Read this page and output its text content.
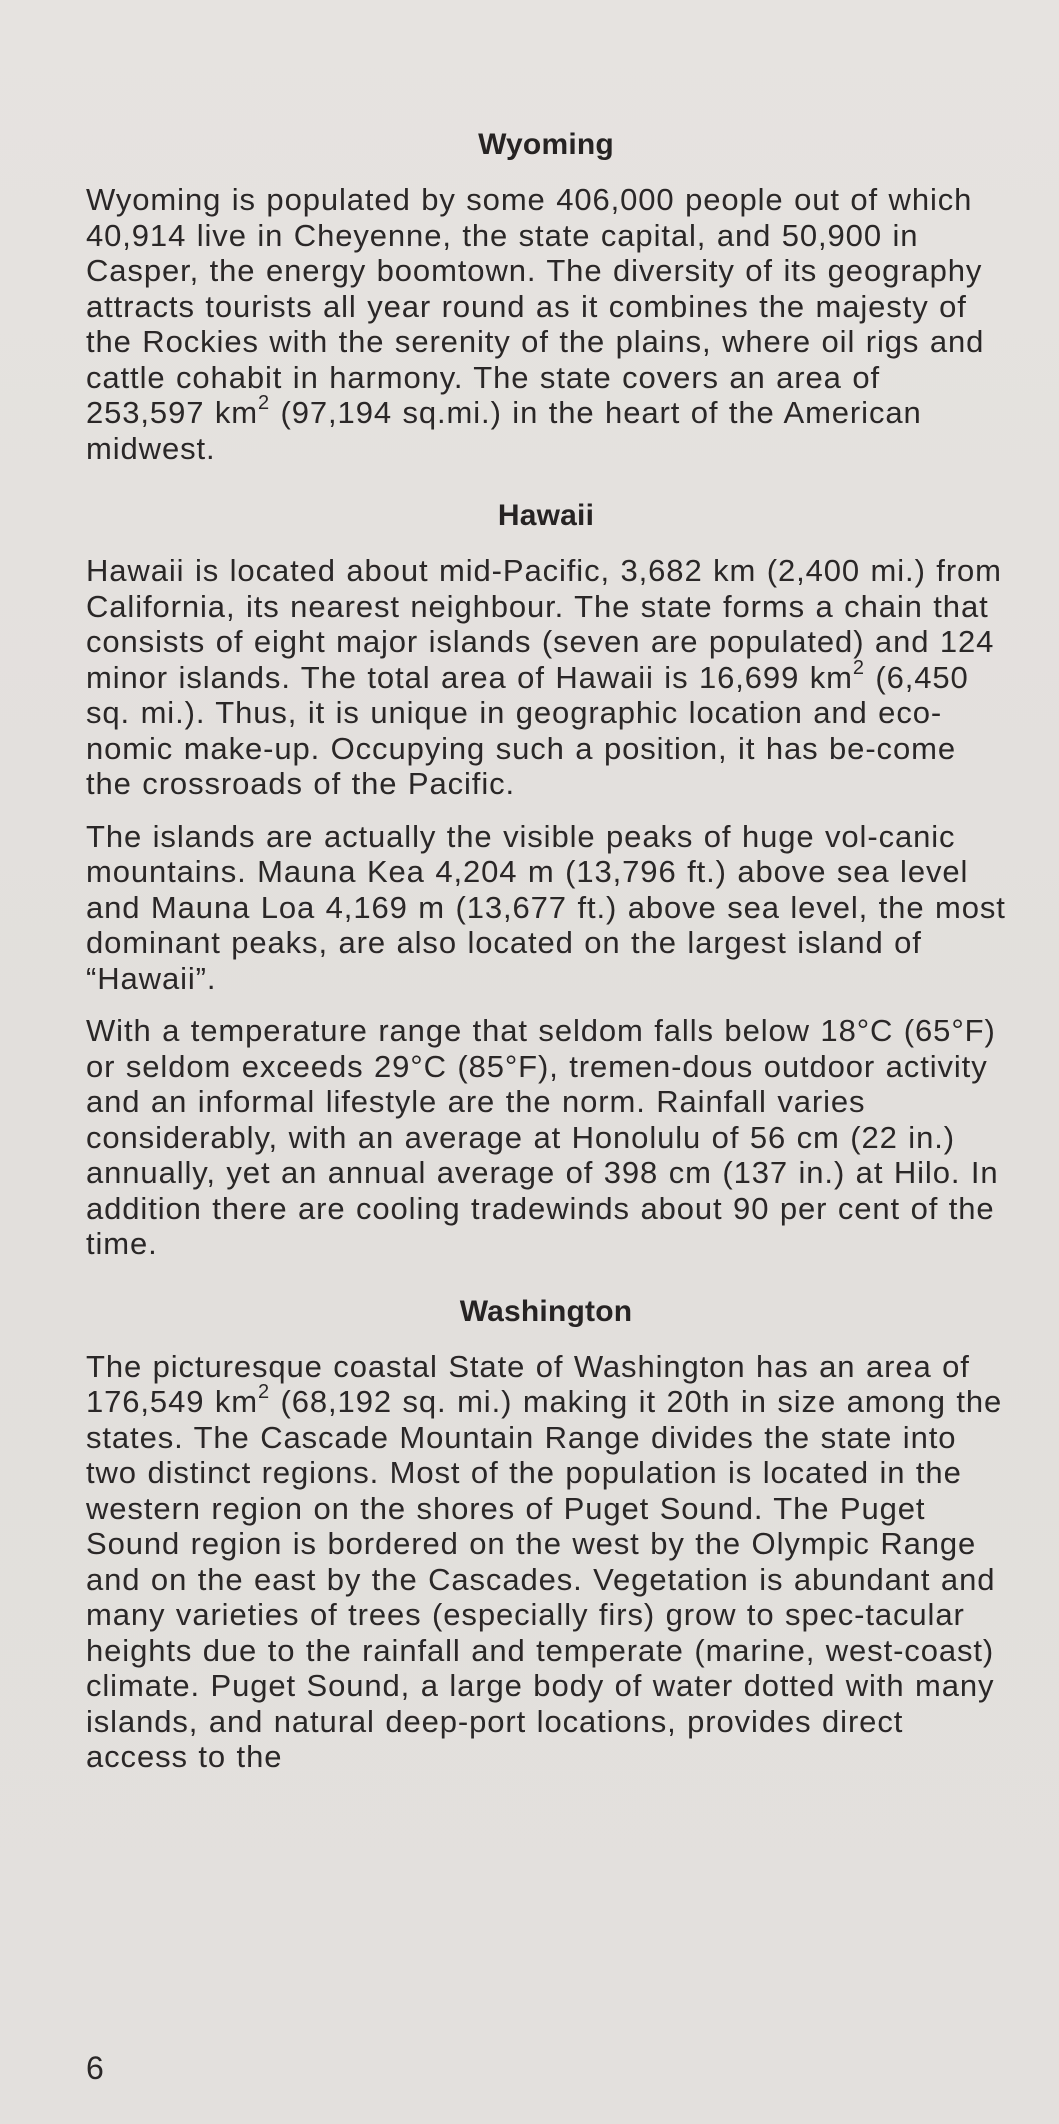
Wyoming

Wyoming is populated by some 406,000 people out of which 40,914 live in Cheyenne, the state capital, and 50,900 in Casper, the energy boomtown. The diversity of its geography attracts tourists all year round as it combines the majesty of the Rockies with the serenity of the plains, where oil rigs and cattle cohabit in harmony. The state covers an area of 253,597 $km^2$ (97,194 sq.mi.) in the heart of the American midwest.

Hawaii

Hawaii is located about mid-Pacific, 3,682 km (2,400 mi.) from California, its nearest neighbour. The state forms a chain that consists of eight major islands (seven are populated) and 124 minor islands. The total area of Hawaii is 16,699 $km^2$ (6,450 sq. mi.). Thus, it is unique in geographic location and eco-nomic make-up. Occupying such a position, it has be-come the crossroads of the Pacific.

The islands are actually the visible peaks of huge vol-canic mountains. Mauna Kea 4,204 m (13,796 ft.) above sea level and Mauna Loa 4,169 m (13,677 ft.) above sea level, the most dominant peaks, are also located on the largest island of “Hawaii”.

With a temperature range that seldom falls below 18°C (65°F) or seldom exceeds 29°C (85°F), tremen-dous outdoor activity and an informal lifestyle are the norm. Rainfall varies considerably, with an average at Honolulu of 56 cm (22 in.) annually, yet an annual average of 398 cm (137 in.) at Hilo. In addition there are cooling tradewinds about 90 per cent of the time.

Washington

The picturesque coastal State of Washington has an area of 176,549 $km^2$ (68,192 sq. mi.) making it 20th in size among the states. The Cascade Mountain Range divides the state into two distinct regions. Most of the population is located in the western region on the shores of Puget Sound. The Puget Sound region is bordered on the west by the Olympic Range and on the east by the Cascades. Vegetation is abundant and many varieties of trees (especially firs) grow to spec-tacular heights due to the rainfall and temperate (marine, west-coast) climate. Puget Sound, a large body of water dotted with many islands, and natural deep-port locations, provides direct access to the

6
